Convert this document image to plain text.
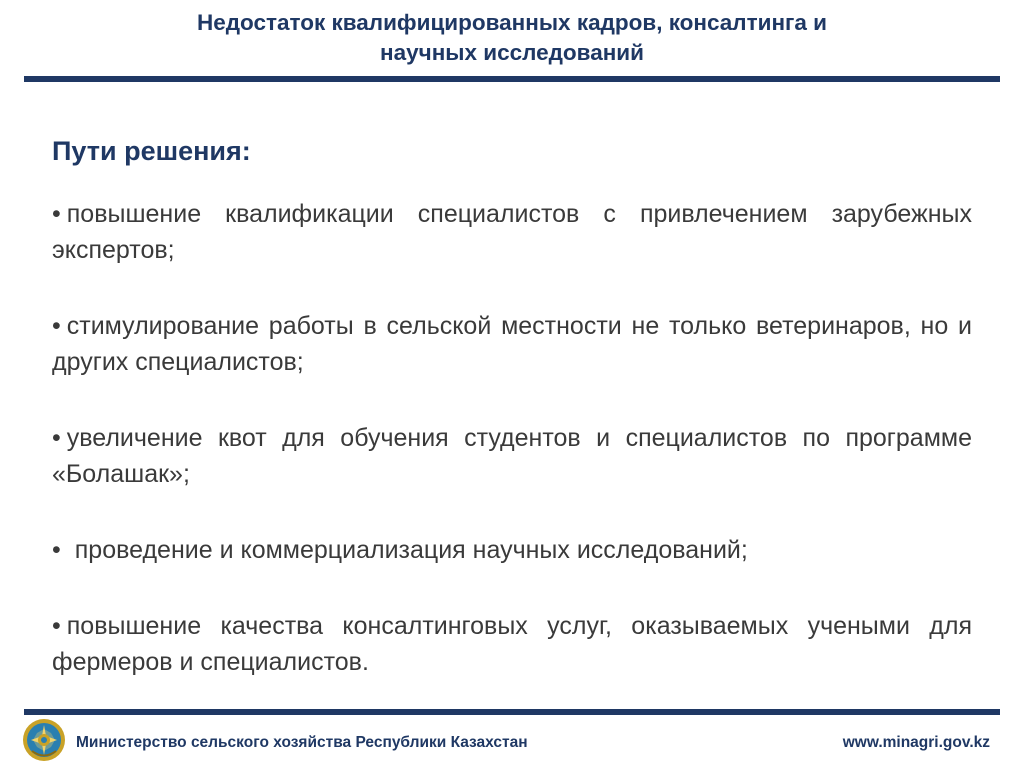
Недостаток квалифицированных кадров, консалтинга и
научных исследований
Пути решения:
• повышение квалификации специалистов с привлечением зарубежных экспертов;
• стимулирование работы в сельской местности не только ветеринаров, но и других специалистов;
• увеличение квот для обучения студентов и специалистов по программе «Болашак»;
• проведение и коммерциализация научных исследований;
• повышение качества консалтинговых услуг, оказываемых учеными для фермеров и специалистов.
Министерство сельского хозяйства Республики Казахстан	www.minagri.gov.kz
